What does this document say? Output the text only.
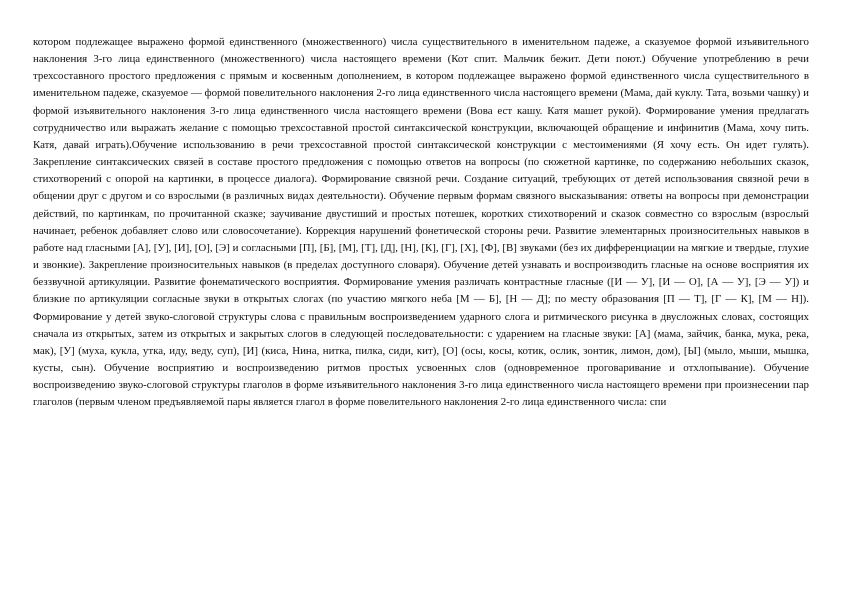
котором подлежащее выражено формой единственного (множественного) числа существительного в именительном падеже, а сказуемое формой изъявительного наклонения 3-го лица единственного (множественного) числа настоящего времени (Кот спит. Мальчик бежит. Дети поют.) Обучение употреблению в речи трехсоставного простого предложения с прямым и косвенным дополнением, в котором подлежащее выражено формой единственного числа существительного в именительном падеже, сказуемое — формой повелительного наклонения 2-го лица единственного числа настоящего времени (Мама, дай куклу. Тата, возьми чашку) и формой изъявительного наклонения 3-го лица единственного числа настоящего времени (Вова ест кашу. Катя машет рукой). Формирование умения предлагать сотрудничество или выражать желание с помощью трехсоставной простой синтаксической конструкции, включающей обращение и инфинитив (Мама, хочу пить. Катя, давай играть).Обучение использованию в речи трехсоставной простой синтаксической конструкции с местоимениями (Я хочу есть. Он идет гулять). Закрепление синтаксических связей в составе простого предложения с помощью ответов на вопросы (по сюжетной картинке, по содержанию небольших сказок, стихотворений с опорой на картинки, в процессе диалога). Формирование связной речи. Создание ситуаций, требующих от детей использования связной речи в общении друг с другом и со взрослыми (в различных видах деятельности). Обучение первым формам связного высказывания: ответы на вопросы при демонстрации действий, по картинкам, по прочитанной сказке; заучивание двустиший и простых потешек, коротких стихотворений и сказок совместно со взрослым (взрослый начинает, ребенок добавляет слово или словосочетание). Коррекция нарушений фонетической стороны речи. Развитие элементарных произносительных навыков в работе над гласными [А], [У], [И], [О], [Э] и согласными [П], [Б], [М], [Т], [Д], [Н], [К], [Г], [Х], [Ф], [В] звуками (без их дифференциации на мягкие и твердые, глухие и звонкие). Закрепление произносительных навыков (в пределах доступного словаря). Обучение детей узнавать и воспроизводить гласные на основе восприятия их беззвучной артикуляции. Развитие фонематического восприятия. Формирование умения различать контрастные гласные ([И — У], [И — О], [А — У], [Э — У]) и близкие по артикуляции согласные звуки в открытых слогах (по участию мягкого неба [М — Б], [Н — Д]; по месту образования [П — Т], [Г — К], [М — Н]). Формирование у детей звуко-слоговой структуры слова с правильным воспроизведением ударного слога и ритмического рисунка в двусложных словах, состоящих сначала из открытых, затем из открытых и закрытых слогов в следующей последовательности: с ударением на гласные звуки: [А] (мама, зайчик, банка, мука, река, мак), [У] (муха, кукла, утка, иду, веду, суп), [И] (киса, Нина, нитка, пилка, сиди, кит), [О] (осы, косы, котик, ослик, зонтик, лимон, дом), [Ы] (мыло, мыши, мышка, кусты, сын). Обучение восприятию и воспроизведению ритмов простых усвоенных слов (одновременное проговаривание и отхлопывание). Обучение воспроизведению звуко-слоговой структуры глаголов в форме изъявительного наклонения 3-го лица единственного числа настоящего времени при произнесении пар глаголов (первым членом предъявляемой пары является глагол в форме повелительного наклонения 2-го лица единственного числа: спи
